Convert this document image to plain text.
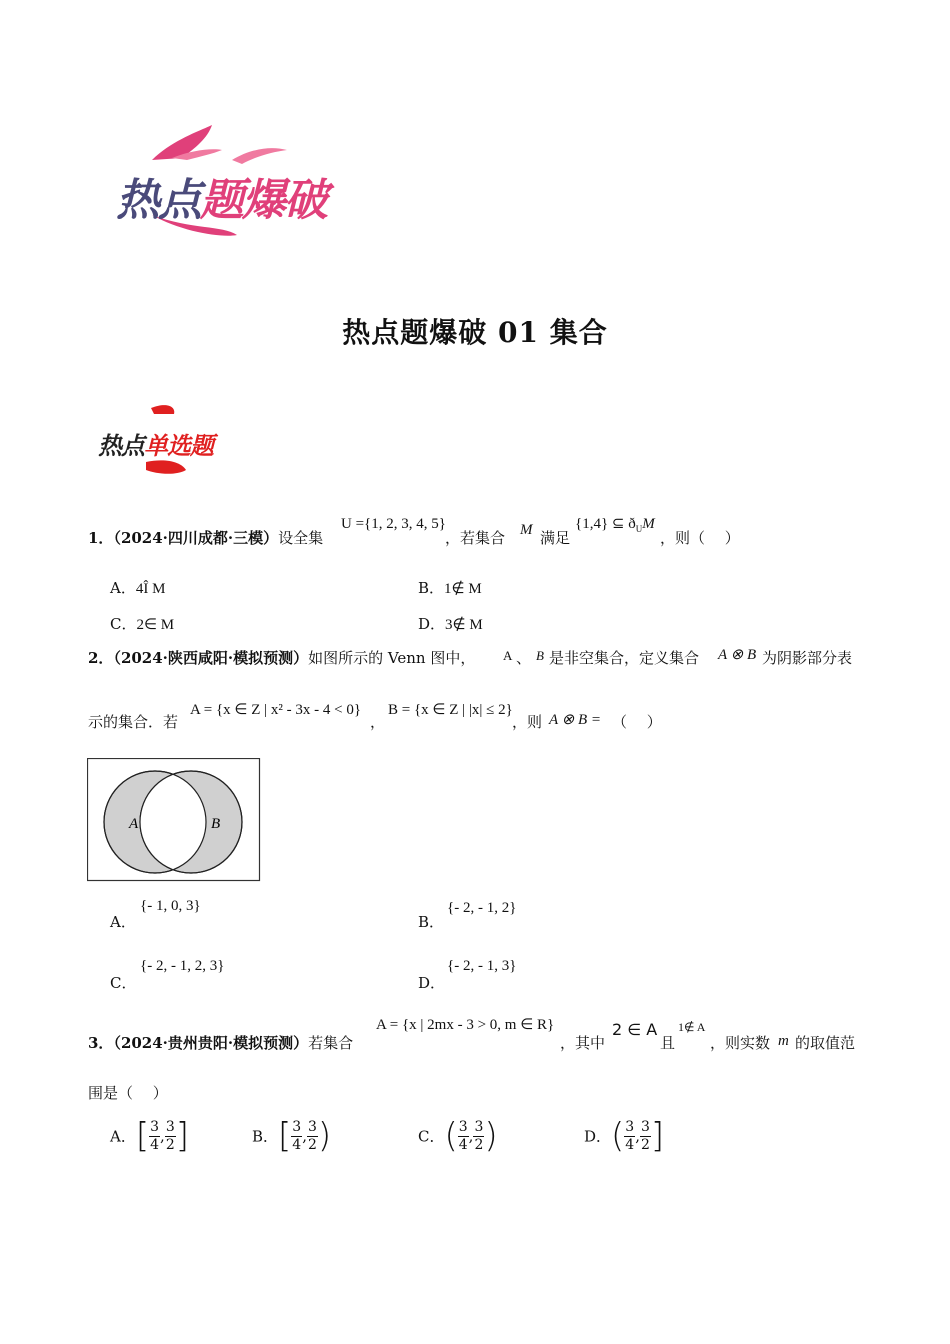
热点题爆破
热点题爆破 01 集合
热点单选题
1．（2024·四川成都·三模）设全集
U ={1, 2, 3, 4, 5}
，若集合 M 满足
{1,4} ⊆ $ð_UM$
，则（　 ）
A．4Î M	B．1∉ M
C．2∈ M	D．3∉ M
2．（2024·陕西咸阳·模拟预测）如图所示的 Venn 图中， A 、 B 是非空集合，定义集合 A ⊗ B 为阴影部分表
示的集合．若
A = {x ∈ Z | x² - 3x - 4 < 0}
，
B = {x ∈ Z | |x| ≤ 2}
，则 A ⊗ B = （　 ）
A	B
A．
{- 1, 0, 3}
B．
{- 2, - 1, 2}
C．
{- 2, - 1, 2, 3}
D．
{- 2, - 1, 3}
3．（2024·贵州贵阳·模拟预测）若集合
A = {x | 2mx - 3 > 0, m ∈ R}
，其中
2 ∈ A
且
1∉ A
，则实数 m 的取值范
围是（　 ）
A．[ $\frac{3}{4}$ , $\frac{3}{2}$ ]	B．[ $\frac{3}{4}$ , $\frac{3}{2}$ )	C．( $\frac{3}{4}$ , $\frac{3}{2}$ )	D．( $\frac{3}{4}$ , $\frac{3}{2}$ ]
